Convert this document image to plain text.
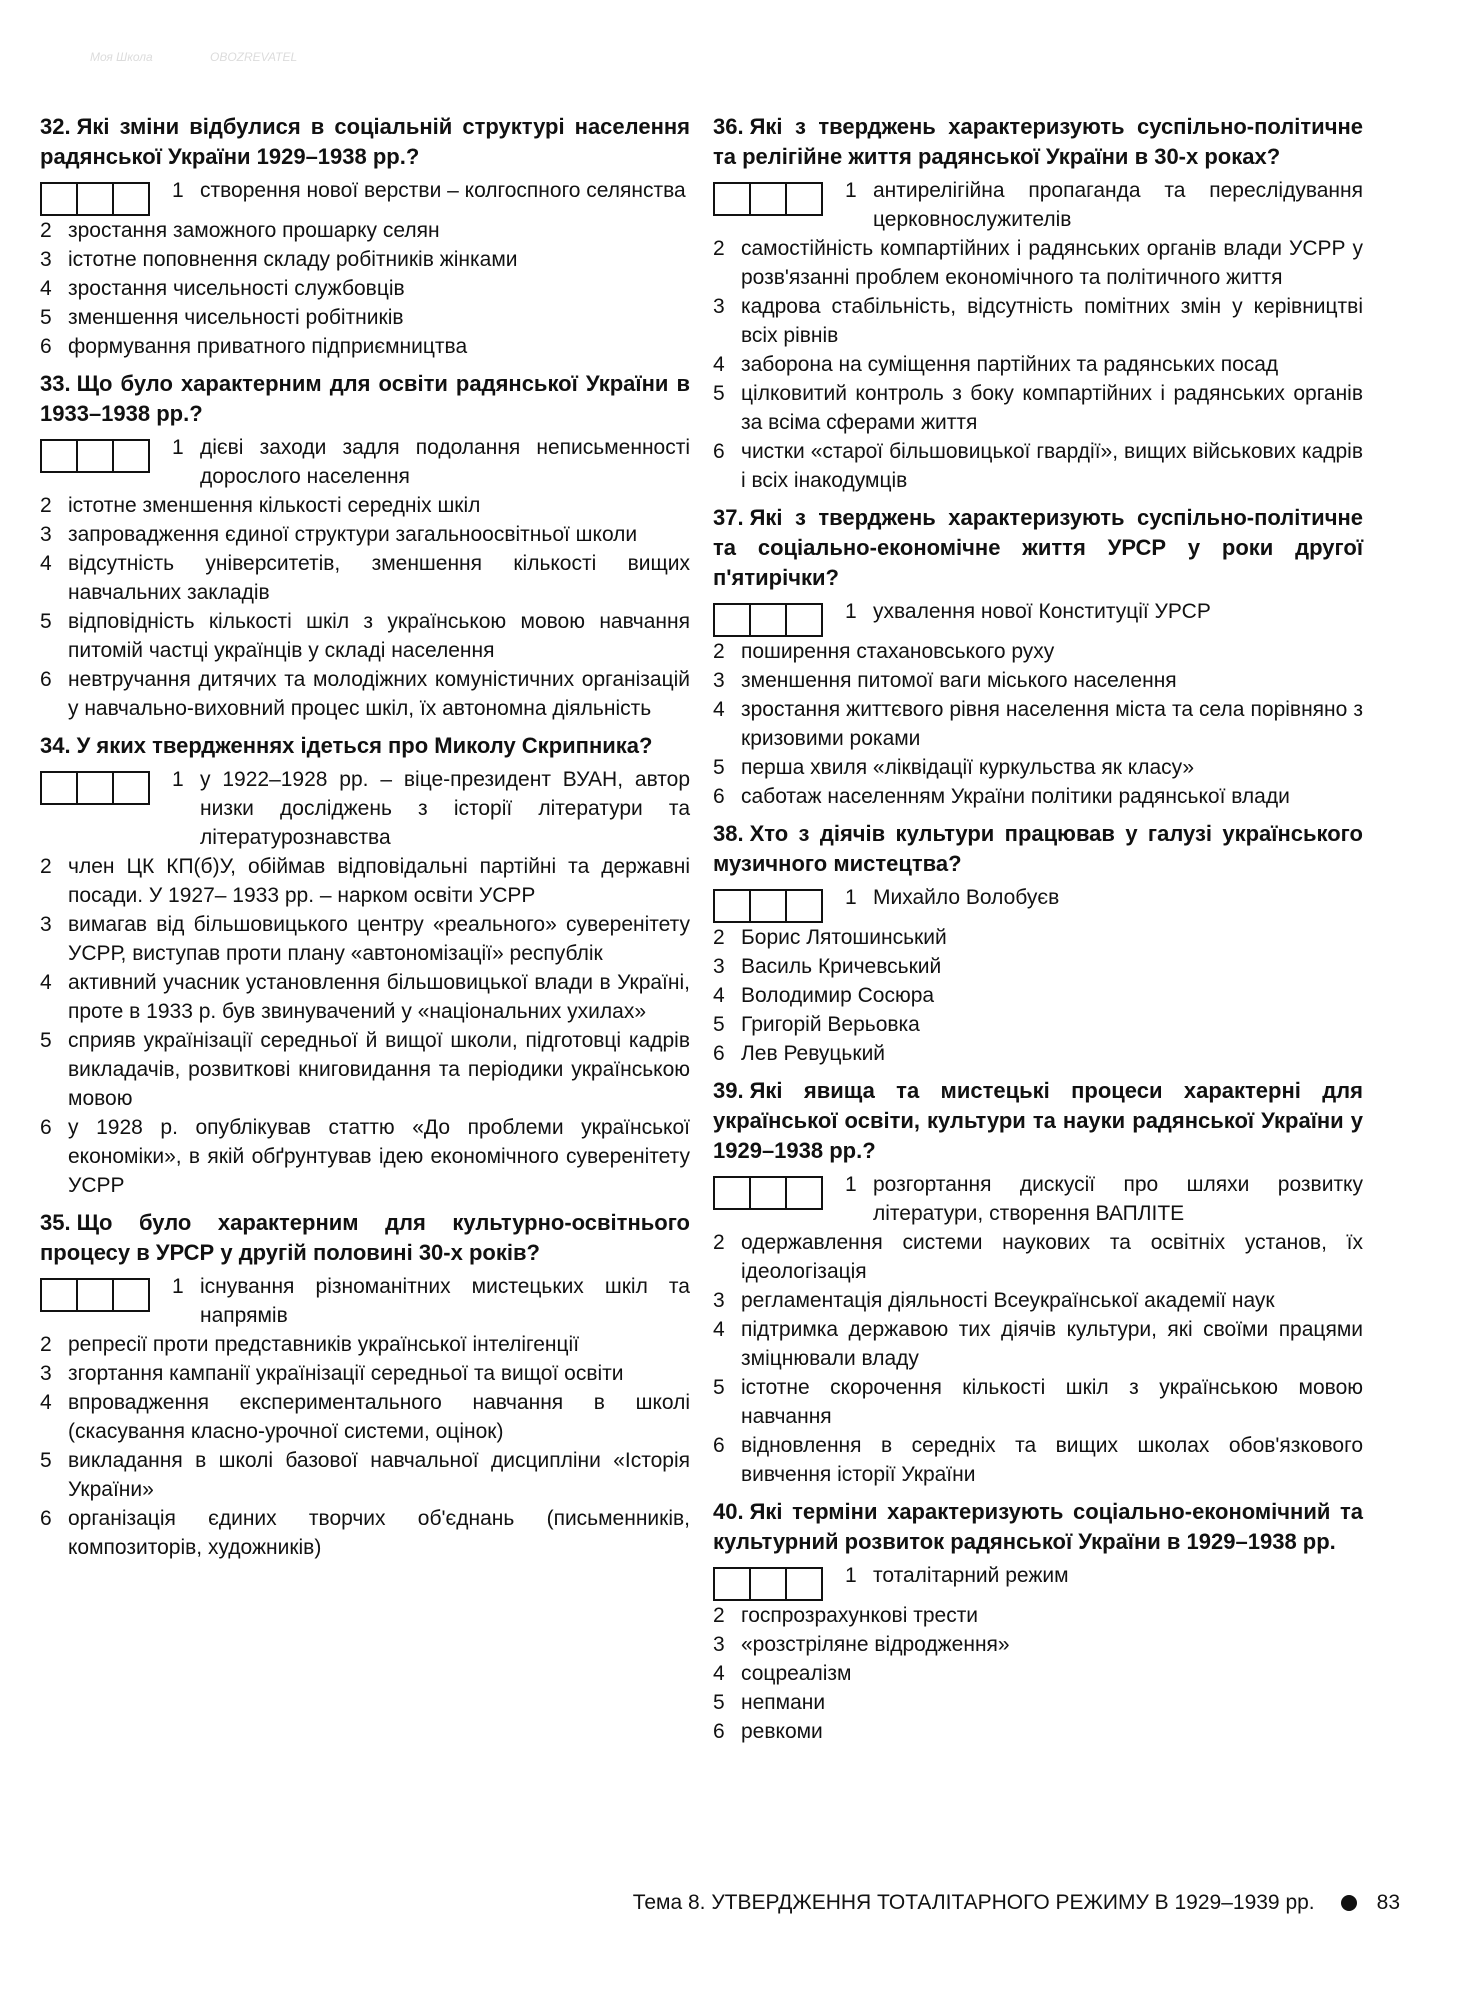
32. Які зміни відбулися в соціальній структурі населення радянської України 1929–1938 рр.?
1 створення нової верстви – колгоспного селянства
2 зростання заможного прошарку селян
3 істотне поповнення складу робітників жінками
4 зростання чисельності службовців
5 зменшення чисельності робітників
6 формування приватного підприємництва
33. Що було характерним для освіти радянської України в 1933–1938 рр.?
1 дієві заходи задля подолання неписьменності дорослого населення
2 істотне зменшення кількості середніх шкіл
3 запровадження єдиної структури загальноосвітньої школи
4 відсутність університетів, зменшення кількості вищих навчальних закладів
5 відповідність кількості шкіл з українською мовою навчання питомій частці українців у складі населення
6 невтручання дитячих та молодіжних комуністичних організацій у навчально-виховний процес шкіл, їх автономна діяльність
34. У яких твердженнях ідеться про Миколу Скрипника?
1 у 1922–1928 рр. – віце-президент ВУАН, автор низки досліджень з історії літератури та літературознавства
2 член ЦК КП(б)У, обіймав відповідальні партійні та державні посади. У 1927– 1933 рр. – нарком освіти УСРР
3 вимагав від більшовицького центру «реального» суверенітету УСРР, виступав проти плану «автономізації» республік
4 активний учасник установлення більшовицької влади в Україні, проте в 1933 р. був звинувачений у «національних ухилах»
5 сприяв українізації середньої й вищої школи, підготовці кадрів викладачів, розвиткові книговидання та періодики українською мовою
6 у 1928 р. опублікував статтю «До проблеми української економіки», в якій обґрунтував ідею економічного суверенітету УСРР
35. Що було характерним для культурно-освітнього процесу в УРСР у другій половині 30-х років?
1 існування різноманітних мистецьких шкіл та напрямів
2 репресії проти представників української інтелігенції
3 згортання кампанії українізації середньої та вищої освіти
4 впровадження експериментального навчання в школі (скасування класно-урочної системи, оцінок)
5 викладання в школі базової навчальної дисципліни «Історія України»
6 організація єдиних творчих об'єднань (письменників, композиторів, художників)
36. Які з тверджень характеризують суспільно-політичне та релігійне життя радянської України в 30-х роках?
1 антирелігійна пропаганда та переслідування церковнослужителів
2 самостійність компартійних і радянських органів влади УСРР у розв'язанні проблем економічного та політичного життя
3 кадрова стабільність, відсутність помітних змін у керівництві всіх рівнів
4 заборона на суміщення партійних та радянських посад
5 цілковитий контроль з боку компартійних і радянських органів за всіма сферами життя
6 чистки «старої більшовицької гвардії», вищих військових кадрів і всіх інакодумців
37. Які з тверджень характеризують суспільно-політичне та соціально-економічне життя УРСР у роки другої п'ятирічки?
1 ухвалення нової Конституції УРСР
2 поширення стахановського руху
3 зменшення питомої ваги міського населення
4 зростання життєвого рівня населення міста та села порівняно з кризовими роками
5 перша хвиля «ліквідації куркульства як класу»
6 саботаж населенням України політики радянської влади
38. Хто з діячів культури працював у галузі українського музичного мистецтва?
1 Михайло Волобуєв
2 Борис Лятошинський
3 Василь Кричевський
4 Володимир Сосюра
5 Григорій Верьовка
6 Лев Ревуцький
39. Які явища та мистецькі процеси характерні для української освіти, культури та науки радянської України у 1929–1938 рр.?
1 розгортання дискусії про шляхи розвитку літератури, створення ВАПЛІТЕ
2 одержавлення системи наукових та освітніх установ, їх ідеологізація
3 регламентація діяльності Всеукраїнської академії наук
4 підтримка державою тих діячів культури, які своїми працями зміцнювали владу
5 істотне скорочення кількості шкіл з українською мовою навчання
6 відновлення в середніх та вищих школах обов'язкового вивчення історії України
40. Які терміни характеризують соціально-економічний та культурний розвиток радянської України в 1929–1938 рр.
1 тоталітарний режим
2 госпрозрахункові трести
3 «розстріляне відродження»
4 соцреалізм
5 непмани
6 ревкоми
Тема 8. УТВЕРДЖЕННЯ ТОТАЛІТАРНОГО РЕЖИМУ В 1929–1939 рр.	83
Моя Школа	OBOZREVATEL
